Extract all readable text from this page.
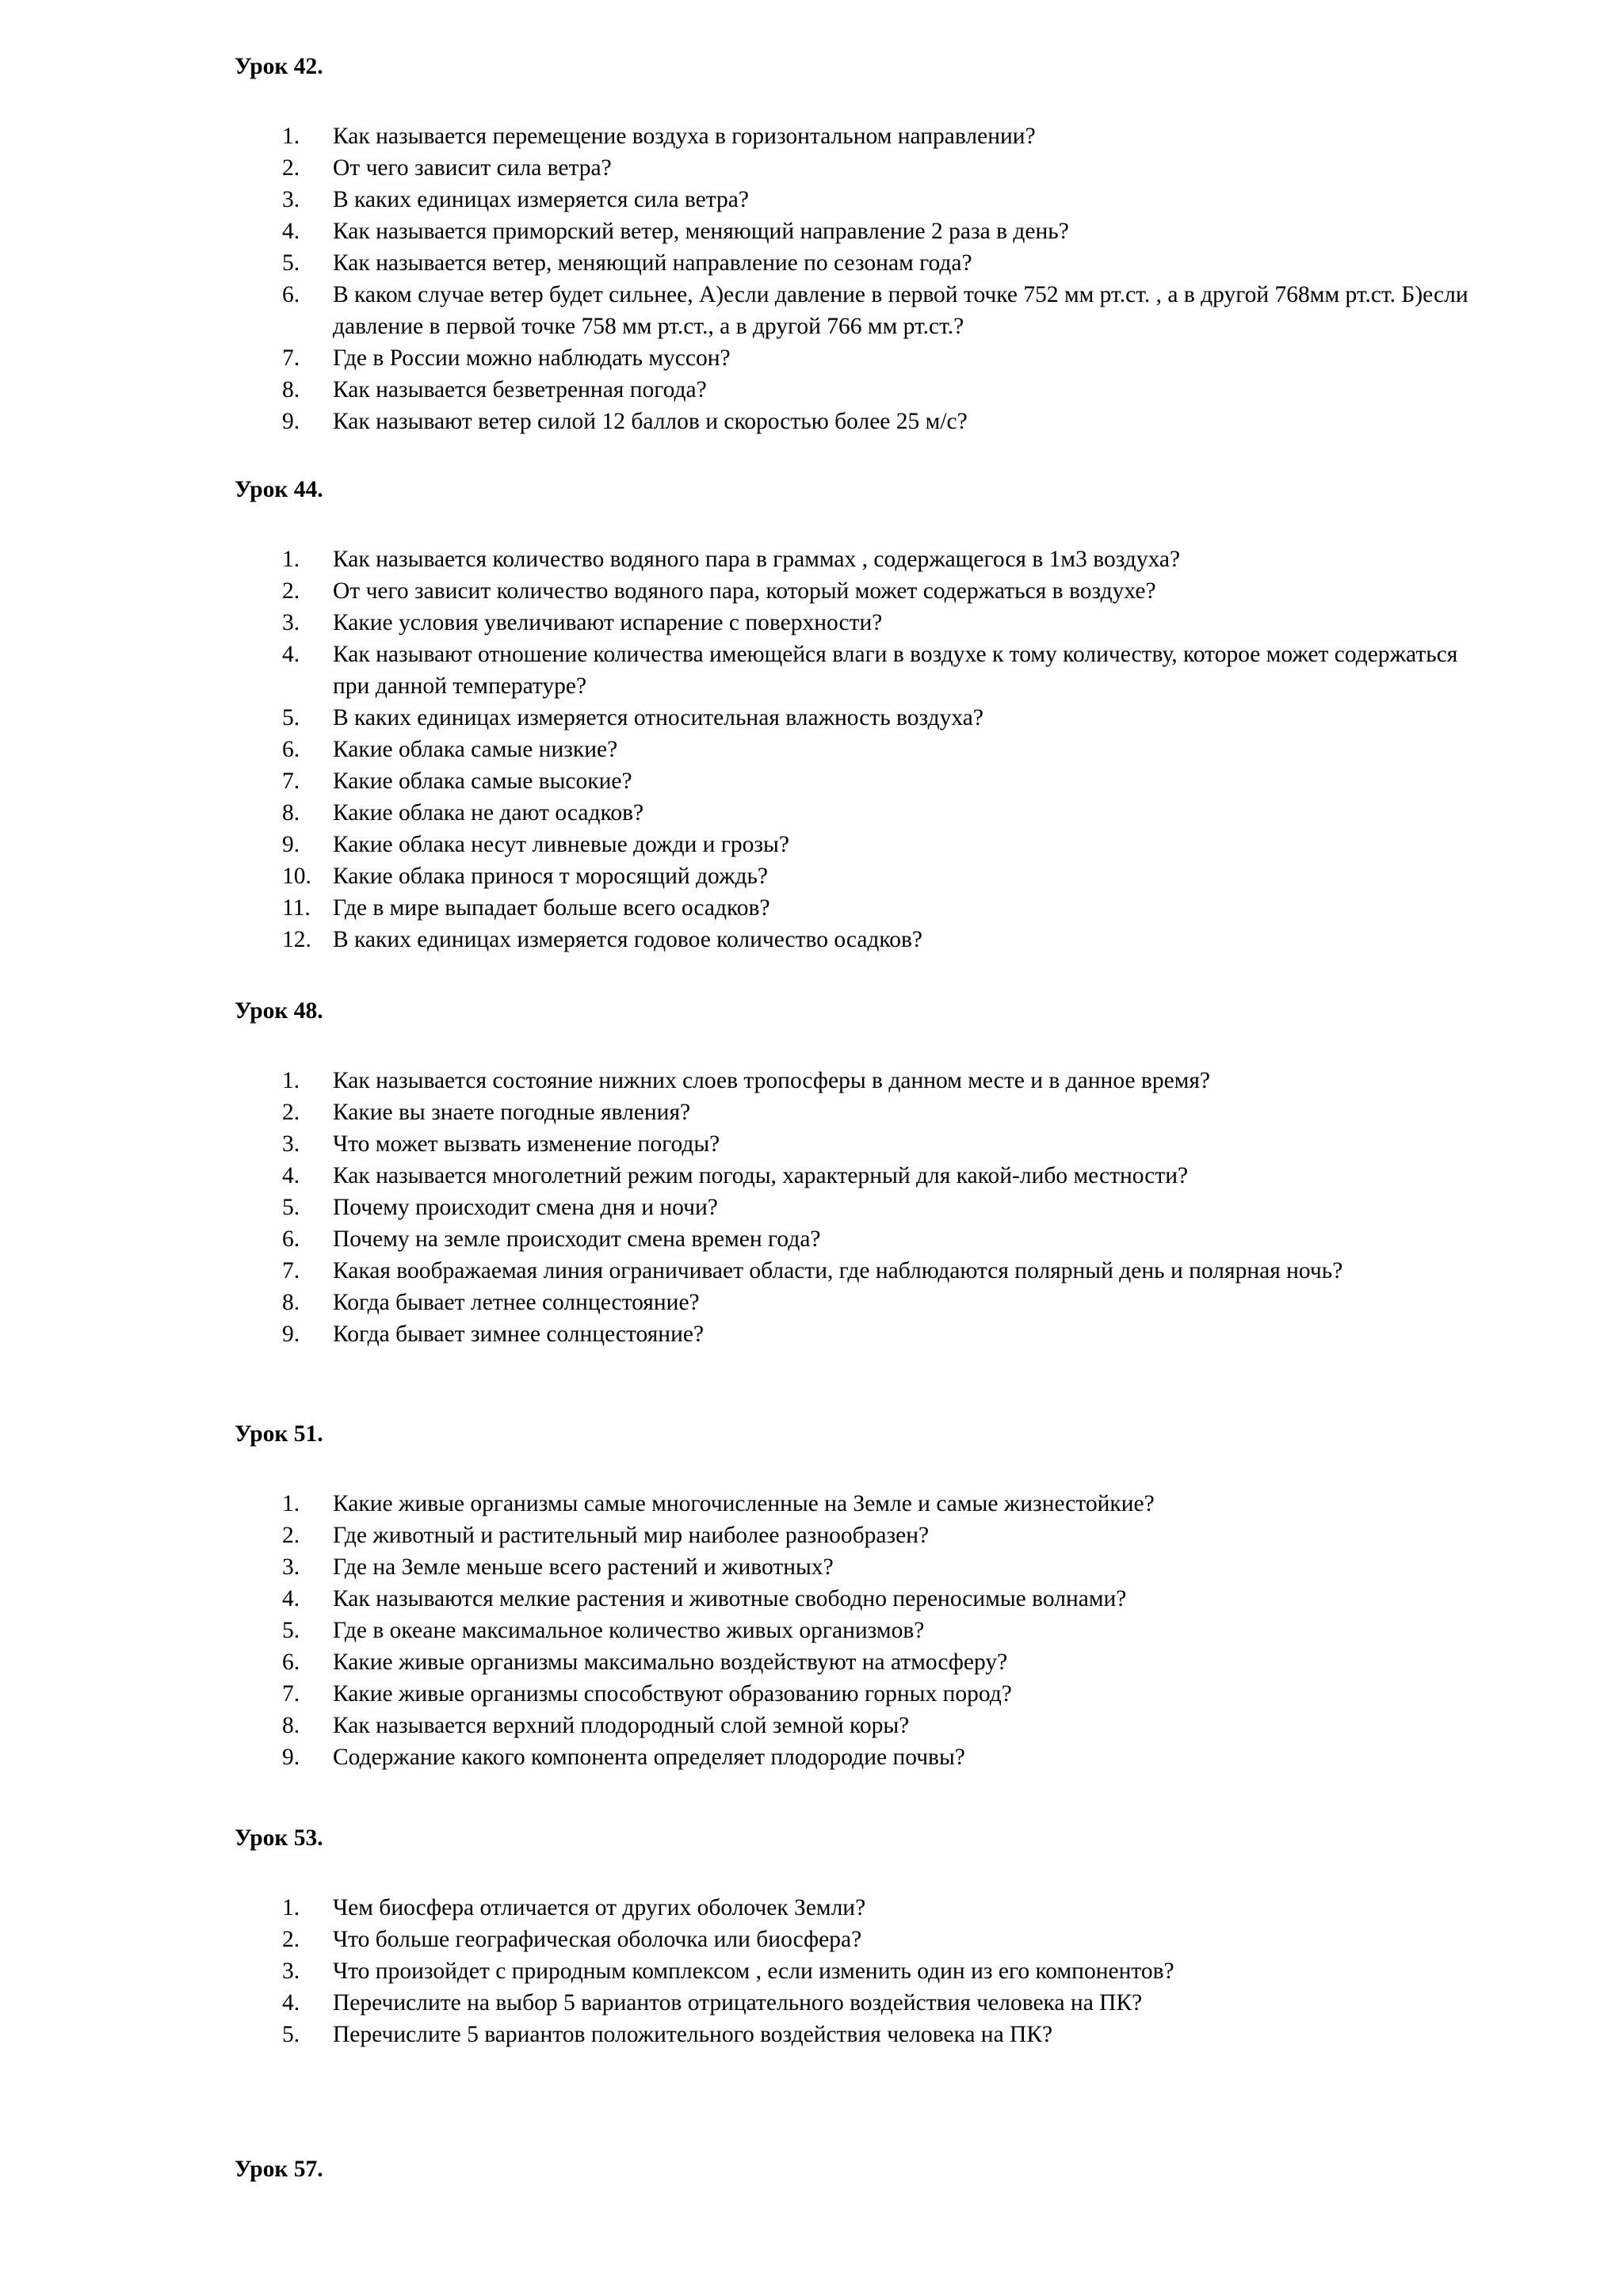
Урок 42.
1.	Как называется перемещение воздуха в горизонтальном направлении?
2.	От чего зависит сила ветра?
3.	В каких единицах измеряется сила ветра?
4.	Как называется приморский ветер, меняющий направление 2 раза в день?
5.	Как называется ветер, меняющий направление по сезонам года?
6.	В каком случае ветер будет сильнее, А)если давление в первой точке 752 мм рт.ст. , а в другой 768мм рт.ст. Б)если давление в первой точке 758 мм рт.ст., а в другой 766 мм рт.ст.?
7.	Где в России можно наблюдать муссон?
8.	Как называется безветренная погода?
9.	Как называют ветер силой 12 баллов и скоростью более 25 м/с?
Урок 44.
1.	Как называется количество водяного пара в граммах , содержащегося в 1м3 воздуха?
2.	От чего зависит количество водяного пара, который может содержаться в воздухе?
3.	Какие условия увеличивают испарение с поверхности?
4.	Как называют отношение количества имеющейся влаги в воздухе к тому количеству, которое может содержаться при данной температуре?
5.	В каких единицах измеряется относительная влажность воздуха?
6.	Какие облака самые низкие?
7.	Какие облака самые высокие?
8.	Какие облака не дают осадков?
9.	Какие облака несут ливневые дожди и грозы?
10. Какие облака принося т моросящий дождь?
11. Где в мире выпадает больше всего осадков?
12. В каких единицах измеряется годовое количество осадков?
Урок 48.
1.	Как называется состояние нижних слоев тропосферы в данном месте и в данное время?
2.	Какие вы знаете погодные явления?
3.	Что может вызвать изменение погоды?
4.	Как называется многолетний режим погоды, характерный для какой-либо местности?
5.	Почему происходит смена дня и ночи?
6.	Почему на земле происходит смена времен года?
7.	Какая воображаемая линия ограничивает области, где наблюдаются полярный день и полярная ночь?
8.	Когда бывает летнее солнцестояние?
9.	Когда бывает зимнее солнцестояние?
Урок 51.
1.	Какие живые организмы самые многочисленные на Земле и самые жизнестойкие?
2.	Где животный и растительный мир наиболее разнообразен?
3.	Где на Земле меньше всего растений и животных?
4.	Как называются мелкие растения и животные свободно переносимые волнами?
5.	Где в океане максимальное количество живых организмов?
6.	Какие живые организмы максимально воздействуют на атмосферу?
7.	Какие живые организмы способствуют образованию горных пород?
8.	Как называется верхний плодородный слой земной коры?
9.	Содержание какого компонента определяет плодородие почвы?
Урок 53.
1.	Чем биосфера отличается от других оболочек Земли?
2.	Что больше географическая оболочка или биосфера?
3.	Что произойдет с природным комплексом , если изменить один из его компонентов?
4.	Перечислите на выбор 5 вариантов отрицательного воздействия человека на ПК?
5.	Перечислите 5 вариантов положительного воздействия человека на ПК?
Урок 57.
